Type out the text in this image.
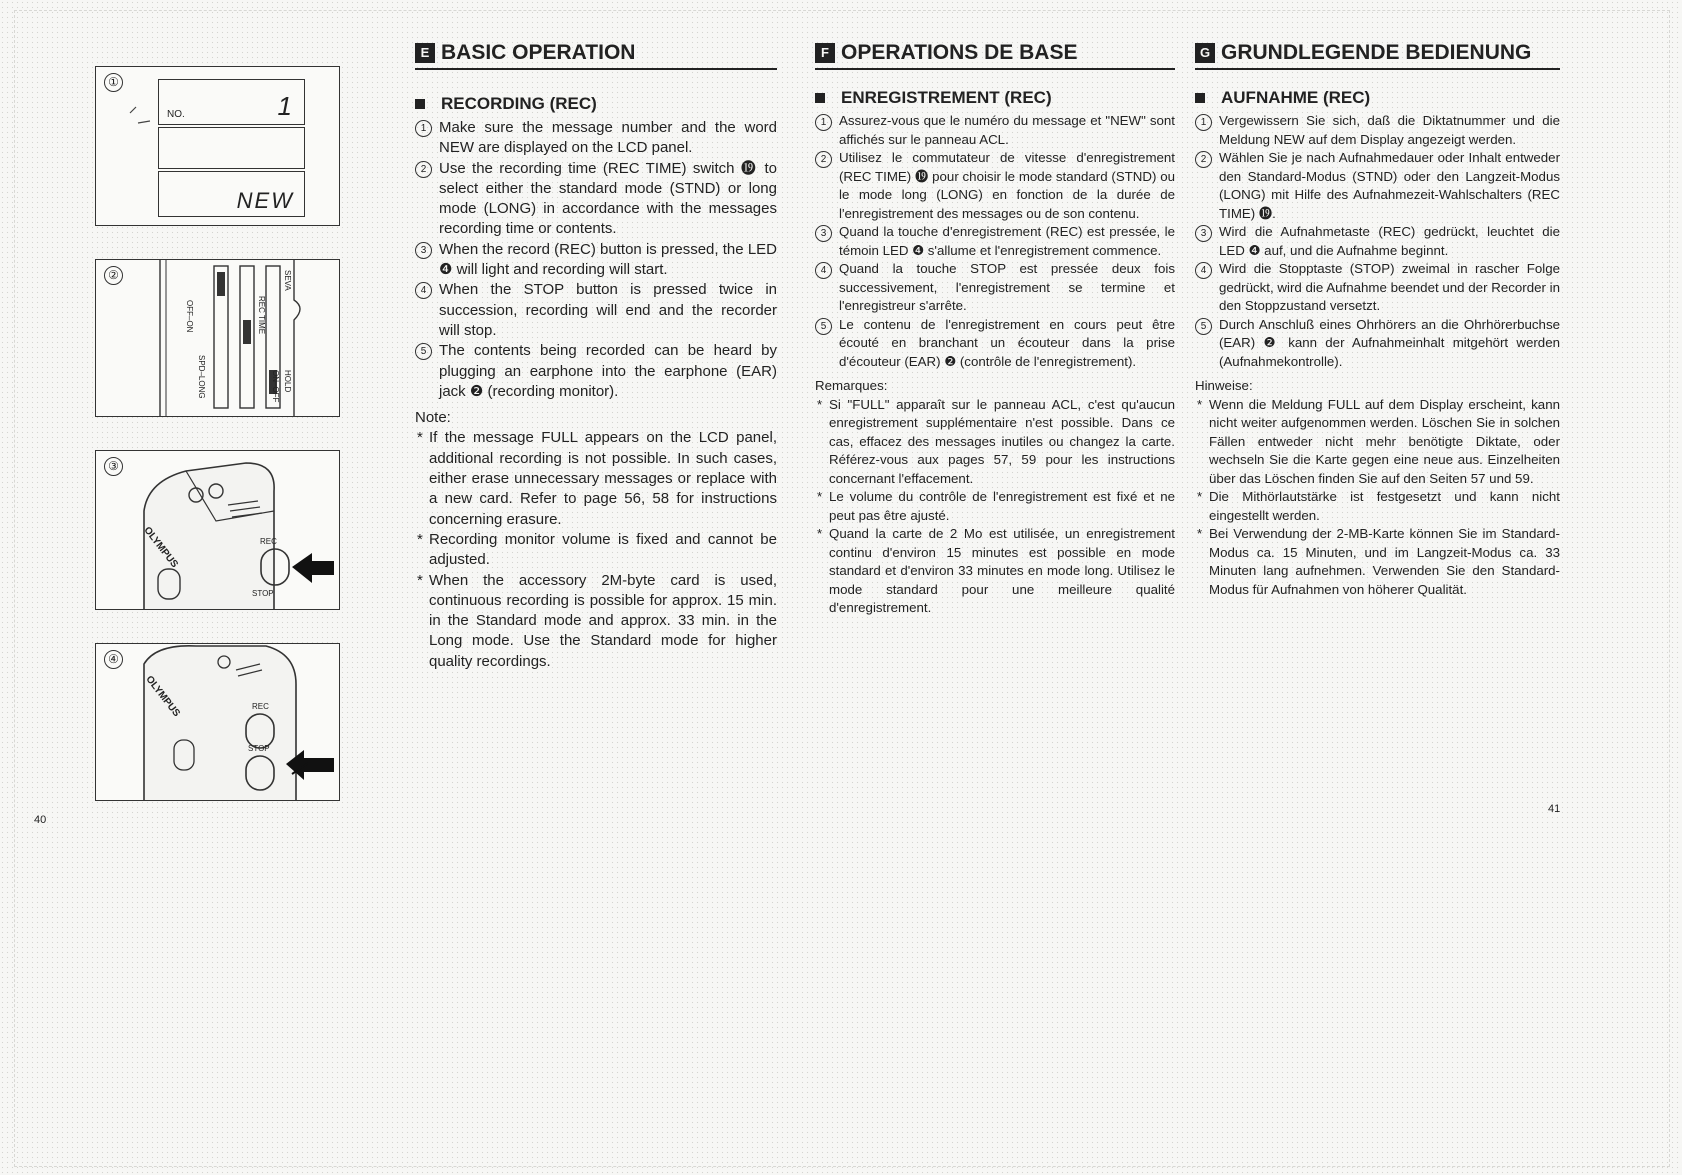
①
NO.	1
NEW
②
OFF–ON
SPD–LONG
REC TIME
SEVA
HOLD
ON–OFF
③
OLYMPUS	REC
STOP
④
OLYMPUS	REC
STOP
E BASIC OPERATION
RECORDING (REC)
1 Make sure the message number and the word NEW are displayed on the LCD panel.
2 Use the recording time (REC TIME) switch ⓳ to select either the standard mode (STND) or long mode (LONG) in accordance with the messages recording time or contents.
3 When the record (REC) button is pressed, the LED ❹ will light and recording will start.
4 When the STOP button is pressed twice in succession, recording will end and the recorder will stop.
5 The contents being recorded can be heard by plugging an earphone into the earphone (EAR) jack ❷ (recording monitor).
Note:
* If the message FULL appears on the LCD panel, additional recording is not possible. In such cases, either erase unnecessary messages or replace with a new card. Refer to page 56, 58 for instructions concerning erasure.
* Recording monitor volume is fixed and cannot be adjusted.
* When the accessory 2M-byte card is used, continuous recording is possible for approx. 15 min. in the Standard mode and approx. 33 min. in the Long mode. Use the Standard mode for higher quality recordings.
F OPERATIONS DE BASE
ENREGISTREMENT (REC)
1 Assurez-vous que le numéro du message et "NEW" sont affichés sur le panneau ACL.
2 Utilisez le commutateur de vitesse d'enregistrement (REC TIME) ⓳ pour choisir le mode standard (STND) ou le mode long (LONG) en fonction de la durée de l'enregistrement des messages ou de son contenu.
3 Quand la touche d'enregistrement (REC) est pressée, le témoin LED ❹ s'allume et l'enregistrement commence.
4 Quand la touche STOP est pressée deux fois successivement, l'enregistrement se termine et l'enregistreur s'arrête.
5 Le contenu de l'enregistrement en cours peut être écouté en branchant un écouteur dans la prise d'écouteur (EAR) ❷ (contrôle de l'enregistrement).
Remarques:
* Si "FULL" apparaît sur le panneau ACL, c'est qu'aucun enregistrement supplémentaire n'est possible. Dans ce cas, effacez des messages inutiles ou changez la carte. Référez-vous aux pages 57, 59 pour les instructions concernant l'effacement.
* Le volume du contrôle de l'enregistrement est fixé et ne peut pas être ajusté.
* Quand la carte de 2 Mo est utilisée, un enregistrement continu d'environ 15 minutes est possible en mode standard et d'environ 33 minutes en mode long. Utilisez le mode standard pour une meilleure qualité d'enregistrement.
G GRUNDLEGENDE BEDIENUNG
AUFNAHME (REC)
1 Vergewissern Sie sich, daß die Diktatnummer und die Meldung NEW auf dem Display angezeigt werden.
2 Wählen Sie je nach Aufnahmedauer oder Inhalt entweder den Standard-Modus (STND) oder den Langzeit-Modus (LONG) mit Hilfe des Aufnahmezeit-Wahlschalters (REC TIME) ⓳.
3 Wird die Aufnahmetaste (REC) gedrückt, leuchtet die LED ❹ auf, und die Aufnahme beginnt.
4 Wird die Stopptaste (STOP) zweimal in rascher Folge gedrückt, wird die Aufnahme beendet und der Recorder in den Stoppzustand versetzt.
5 Durch Anschluß eines Ohrhörers an die Ohrhörerbuchse (EAR) ❷ kann der Aufnahmeinhalt mitgehört werden (Aufnahmekontrolle).
Hinweise:
* Wenn die Meldung FULL auf dem Display erscheint, kann nicht weiter aufgenommen werden. Löschen Sie in solchen Fällen entweder nicht mehr benötigte Diktate, oder wechseln Sie die Karte gegen eine neue aus. Einzelheiten über das Löschen finden Sie auf den Seiten 57 und 59.
* Die Mithörlautstärke ist festgesetzt und kann nicht eingestellt werden.
* Bei Verwendung der 2-MB-Karte können Sie im Standard-Modus ca. 15 Minuten, und im Langzeit-Modus ca. 33 Minuten lang aufnehmen. Verwenden Sie den Standard-Modus für Aufnahmen von höherer Qualität.
40
41
